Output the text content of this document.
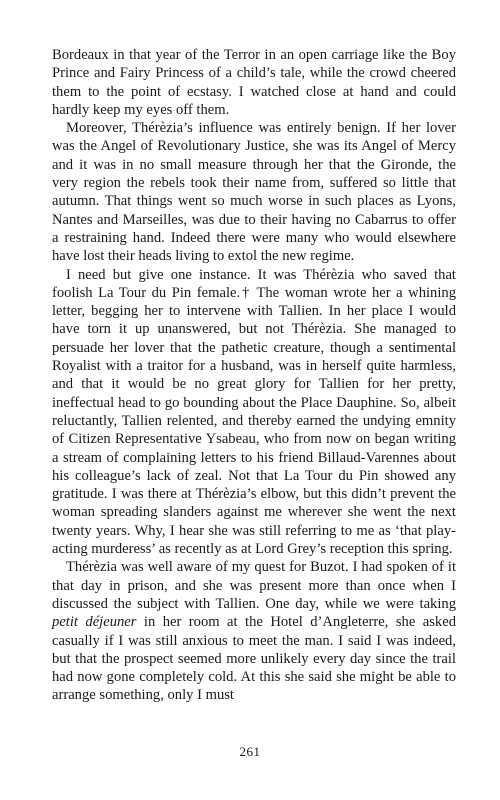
Bordeaux in that year of the Terror in an open carriage like the Boy Prince and Fairy Princess of a child’s tale, while the crowd cheered them to the point of ecstasy. I watched close at hand and could hardly keep my eyes off them.

Moreover, Thérèzia’s influence was entirely benign. If her lover was the Angel of Revolutionary Justice, she was its Angel of Mercy and it was in no small measure through her that the Gironde, the very region the rebels took their name from, suffered so little that autumn. That things went so much worse in such places as Lyons, Nantes and Marseilles, was due to their having no Cabarrus to offer a restraining hand. Indeed there were many who would elsewhere have lost their heads living to extol the new regime.

I need but give one instance. It was Thérèzia who saved that foolish La Tour du Pin female.† The woman wrote her a whining letter, begging her to intervene with Tallien. In her place I would have torn it up unanswered, but not Thérèzia. She managed to persuade her lover that the pathetic creature, though a sentimental Royalist with a traitor for a husband, was in herself quite harmless, and that it would be no great glory for Tallien for her pretty, ineffectual head to go bounding about the Place Dauphine. So, albeit reluctantly, Tallien relented, and thereby earned the undying emnity of Citizen Representative Ysabeau, who from now on began writing a stream of complaining letters to his friend Billaud-Varennes about his colleague’s lack of zeal. Not that La Tour du Pin showed any gratitude. I was there at Thérèzia’s elbow, but this didn’t prevent the woman spreading slanders against me wherever she went the next twenty years. Why, I hear she was still referring to me as ‘that play-acting murderess’ as recently as at Lord Grey’s reception this spring.

Thérèzia was well aware of my quest for Buzot. I had spoken of it that day in prison, and she was present more than once when I discussed the subject with Tallien. One day, while we were taking petit déjeuner in her room at the Hotel d’Angleterre, she asked casually if I was still anxious to meet the man. I said I was indeed, but that the prospect seemed more unlikely every day since the trail had now gone completely cold. At this she said she might be able to arrange something, only I must

261
